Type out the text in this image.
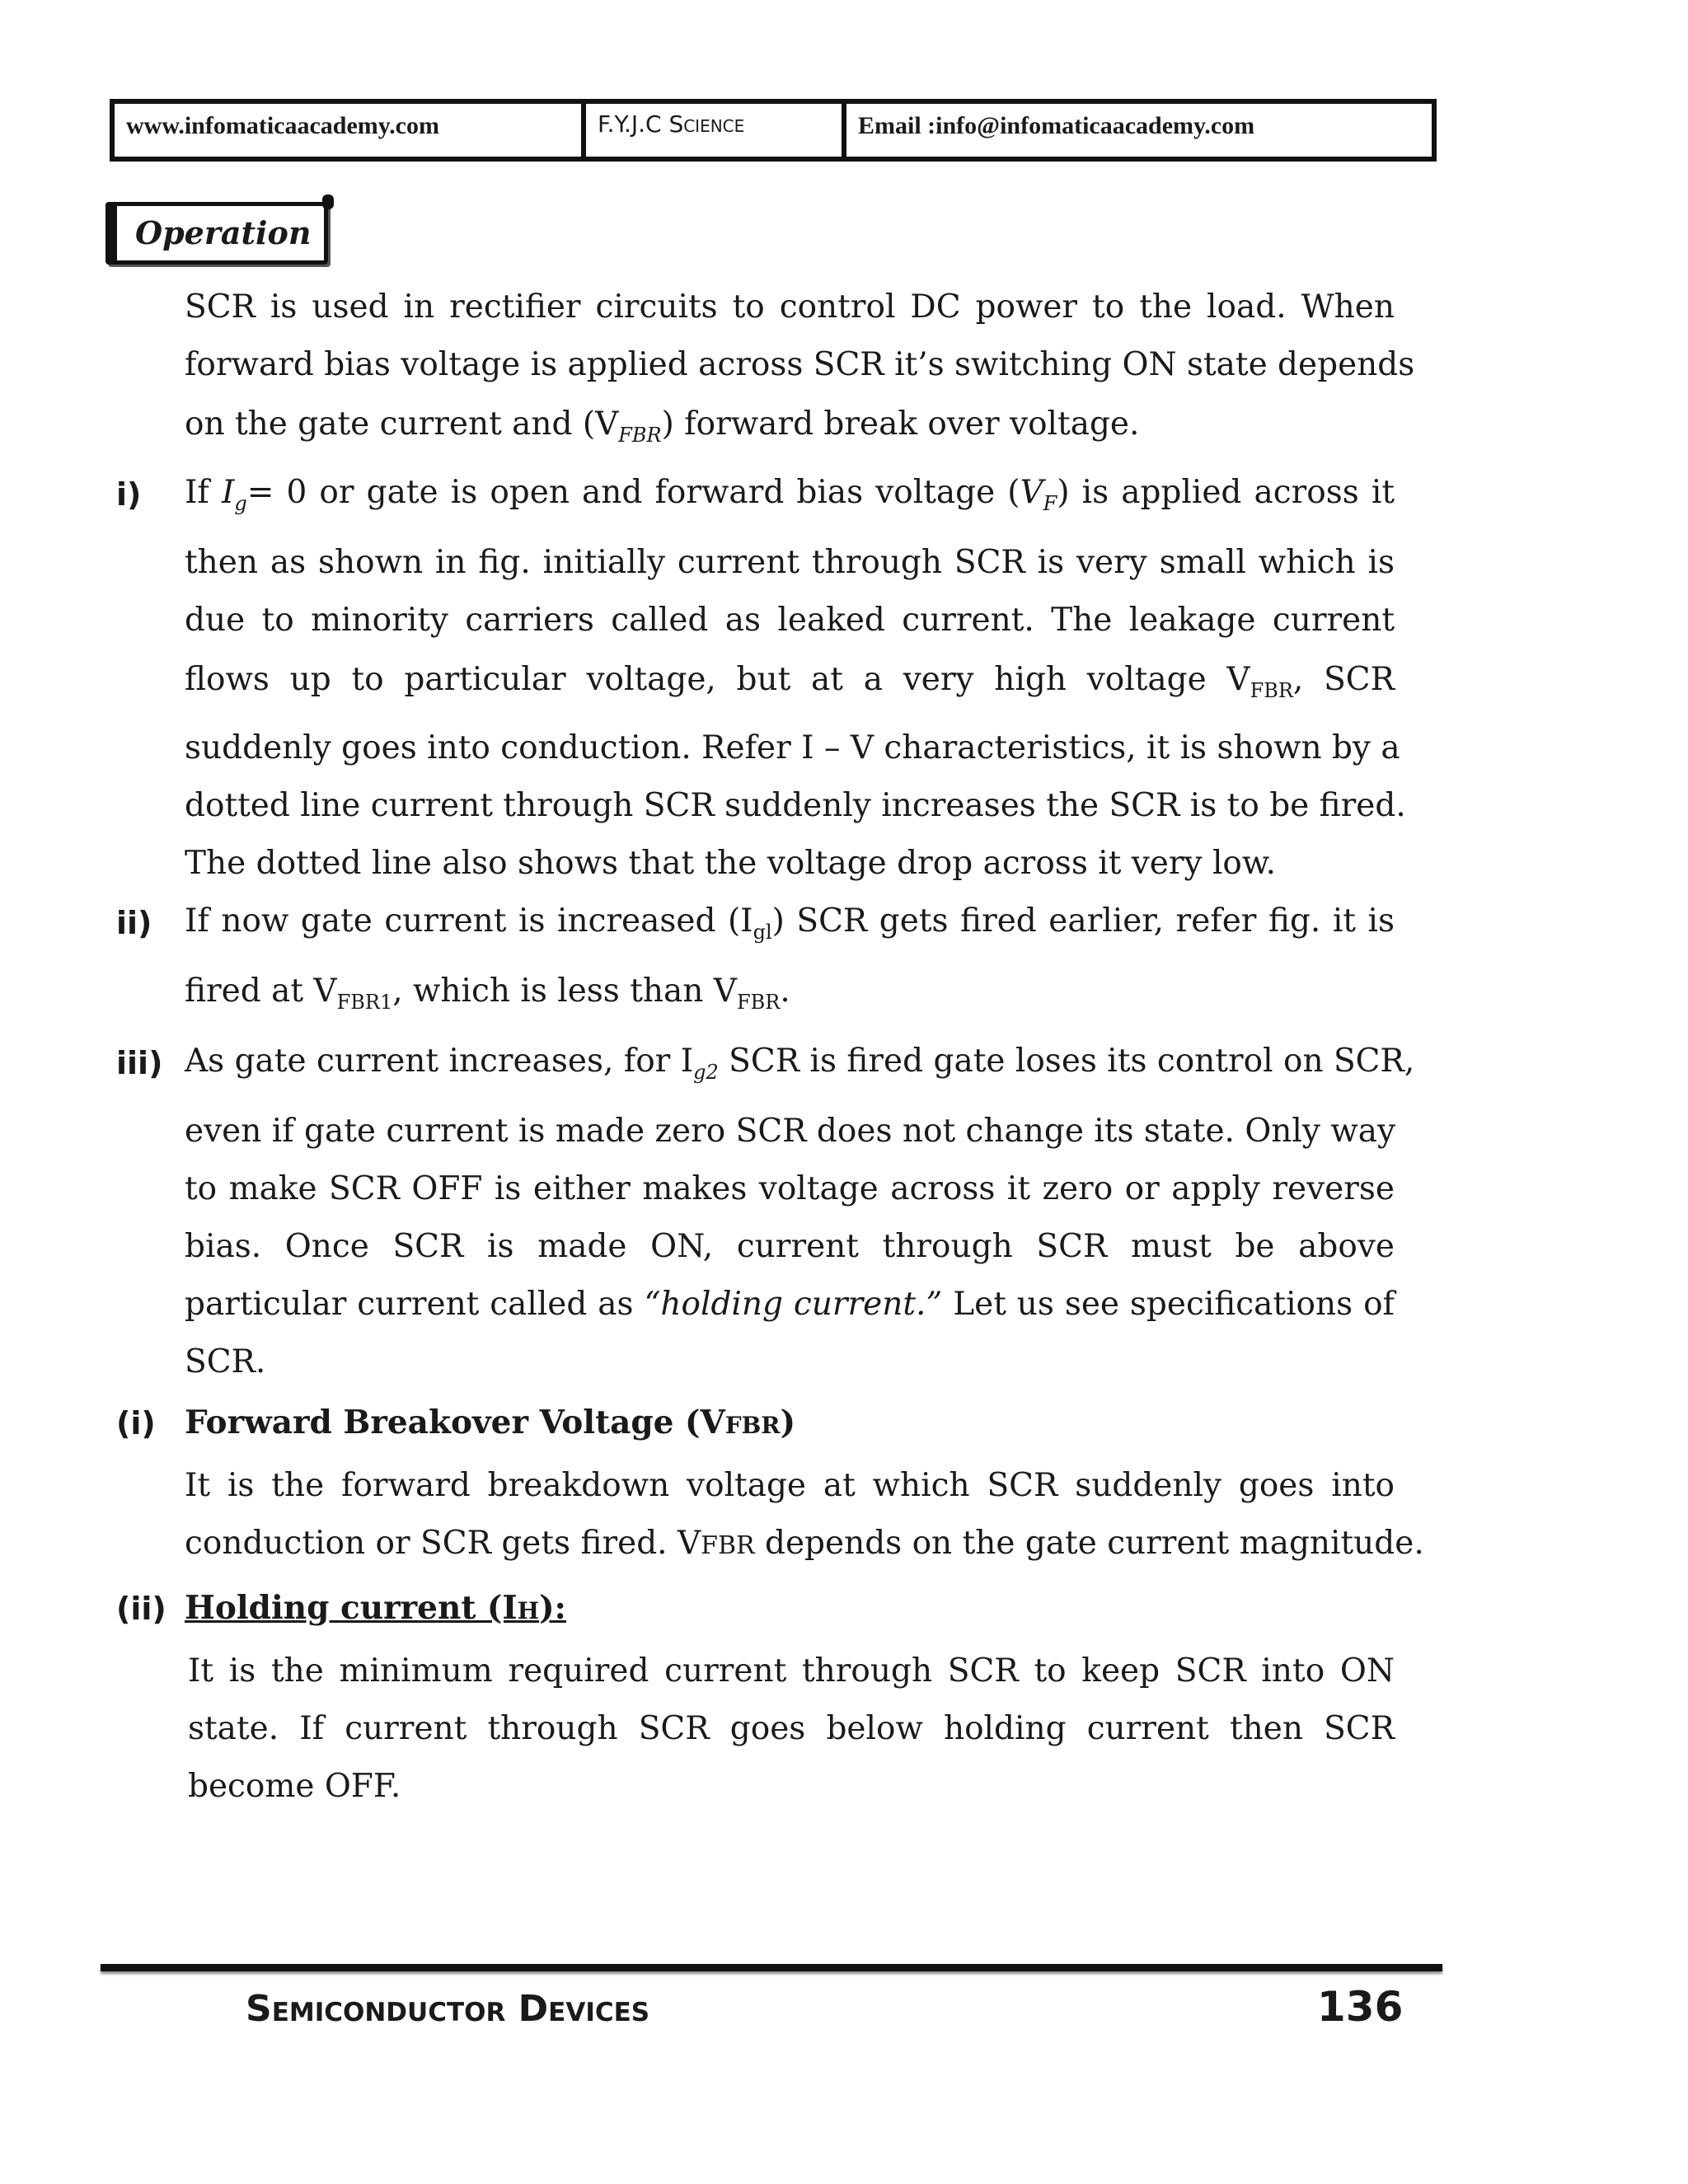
www.infomaticaacademy.com	F.Y.J.C Science	Email :info@infomaticaacademy.com
Operation
SCR is used in rectifier circuits to control DC power to the load. When
forward bias voltage is applied across SCR it’s switching ON state depends
on the gate current and $(V_{FBR})$ forward break over voltage.
i) If $I_g= 0$ or gate is open and forward bias voltage $(V_F)$ is applied across it
then as shown in fig. initially current through SCR is very small which is
due to minority carriers called as leaked current. The leakage current
flows up to particular voltage, but at a very high voltage $V_{FBR}$, SCR
suddenly goes into conduction. Refer I – V characteristics, it is shown by a
dotted line current through SCR suddenly increases the SCR is to be fired.
The dotted line also shows that the voltage drop across it very low.
ii) If now gate current is increased $(I_{gl})$ SCR gets fired earlier, refer fig. it is
fired at $V_{FBR1}$, which is less than $V_{FBR}$.
iii) As gate current increases, for $I_{g2}$ SCR is fired gate loses its control on SCR,
even if gate current is made zero SCR does not change its state. Only way
to make SCR OFF is either makes voltage across it zero or apply reverse
bias. Once SCR is made ON, current through SCR must be above
particular current called as “holding current.” Let us see specifications of
SCR.
(i) Forward Breakover Voltage (VFBR)
It is the forward breakdown voltage at which SCR suddenly goes into
conduction or SCR gets fired. VFBR depends on the gate current magnitude.
(ii) Holding current (IH):
It is the minimum required current through SCR to keep SCR into ON
state. If current through SCR goes below holding current then SCR
become OFF.
Semiconductor Devices	136
